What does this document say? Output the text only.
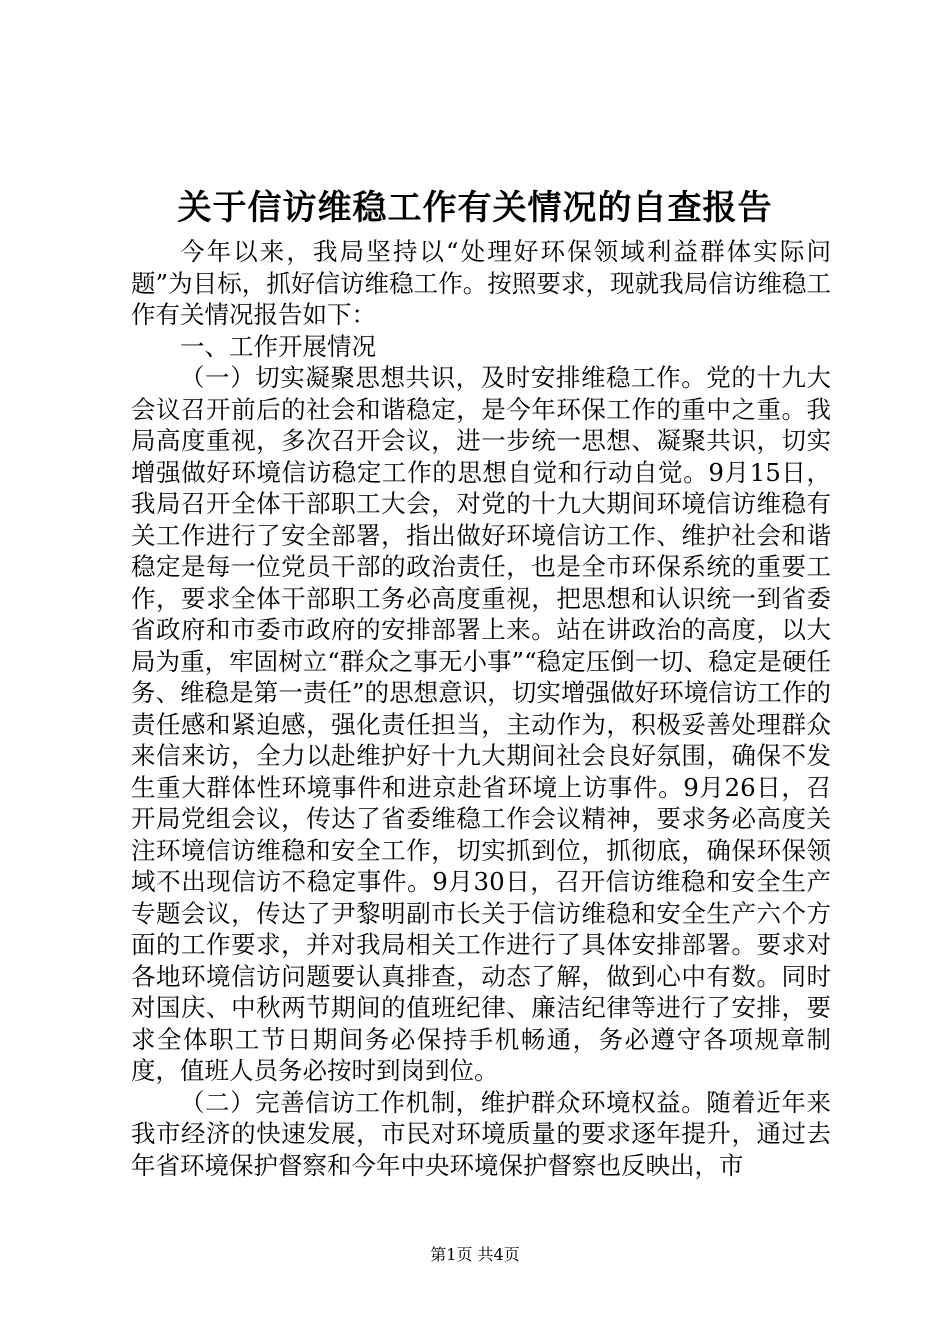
关于信访维稳工作有关情况的自查报告

今年以来，我局坚持以“处理好环保领域利益群体实际问题”为目标，抓好信访维稳工作。按照要求，现就我局信访维稳工作有关情况报告如下：

一、工作开展情况

（一）切实凝聚思想共识，及时安排维稳工作。党的十九大会议召开前后的社会和谐稳定，是今年环保工作的重中之重。我局高度重视，多次召开会议，进一步统一思想、凝聚共识，切实增强做好环境信访稳定工作的思想自觉和行动自觉。9月15日，我局召开全体干部职工大会，对党的十九大期间环境信访维稳有关工作进行了安全部署，指出做好环境信访工作、维护社会和谐稳定是每一位党员干部的政治责任，也是全市环保系统的重要工作，要求全体干部职工务必高度重视，把思想和认识统一到省委省政府和市委市政府的安排部署上来。站在讲政治的高度，以大局为重，牢固树立“群众之事无小事”“稳定压倒一切、稳定是硬任务、维稳是第一责任”的思想意识，切实增强做好环境信访工作的责任感和紧迫感，强化责任担当，主动作为，积极妥善处理群众来信来访，全力以赴维护好十九大期间社会良好氛围，确保不发生重大群体性环境事件和进京赴省环境上访事件。9月26日，召开局党组会议，传达了省委维稳工作会议精神，要求务必高度关注环境信访维稳和安全工作，切实抓到位，抓彻底，确保环保领域不出现信访不稳定事件。9月30日，召开信访维稳和安全生产专题会议，传达了尹黎明副市长关于信访维稳和安全生产六个方面的工作要求，并对我局相关工作进行了具体安排部署。要求对各地环境信访问题要认真排查，动态了解，做到心中有数。同时对国庆、中秋两节期间的值班纪律、廉洁纪律等进行了安排，要求全体职工节日期间务必保持手机畅通，务必遵守各项规章制度，值班人员务必按时到岗到位。

（二）完善信访工作机制，维护群众环境权益。随着近年来我市经济的快速发展，市民对环境质量的要求逐年提升，通过去年省环境保护督察和今年中央环境保护督察也反映出，市

第1页 共4页
